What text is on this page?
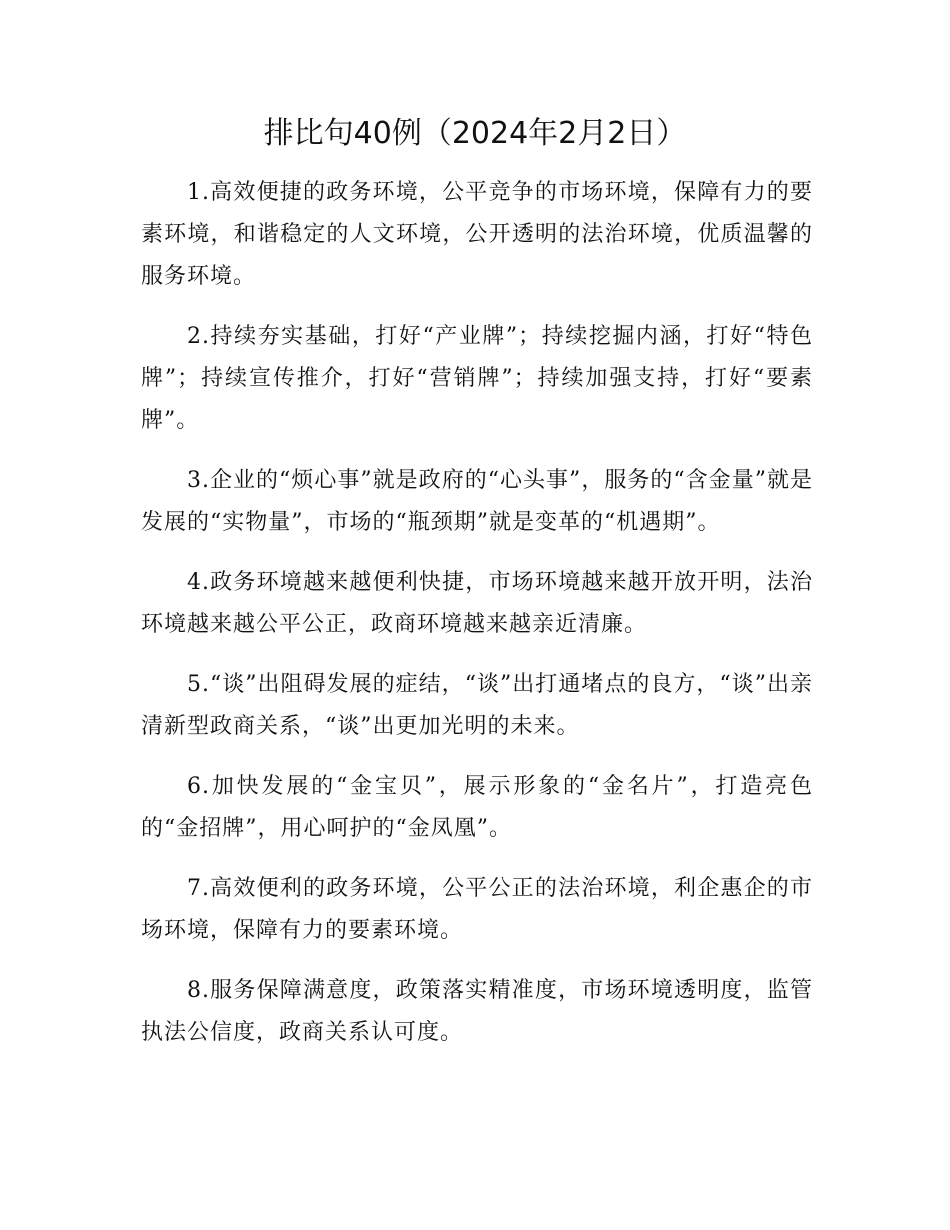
排比句40例（2024年2月2日）

1.高效便捷的政务环境，公平竞争的市场环境，保障有力的要素环境，和谐稳定的人文环境，公开透明的法治环境，优质温馨的服务环境。

2.持续夯实基础，打好“产业牌”；持续挖掘内涵，打好“特色牌”；持续宣传推介，打好“营销牌”；持续加强支持，打好“要素牌”。

3.企业的“烦心事”就是政府的“心头事”，服务的“含金量”就是发展的“实物量”，市场的“瓶颈期”就是变革的“机遇期”。

4.政务环境越来越便利快捷，市场环境越来越开放开明，法治环境越来越公平公正，政商环境越来越亲近清廉。

5.“谈”出阻碍发展的症结，“谈”出打通堵点的良方，“谈”出亲清新型政商关系，“谈”出更加光明的未来。

6.加快发展的“金宝贝”，展示形象的“金名片”，打造亮色的“金招牌”，用心呵护的“金凤凰”。

7.高效便利的政务环境，公平公正的法治环境，利企惠企的市场环境，保障有力的要素环境。

8.服务保障满意度，政策落实精准度，市场环境透明度，监管执法公信度，政商关系认可度。
